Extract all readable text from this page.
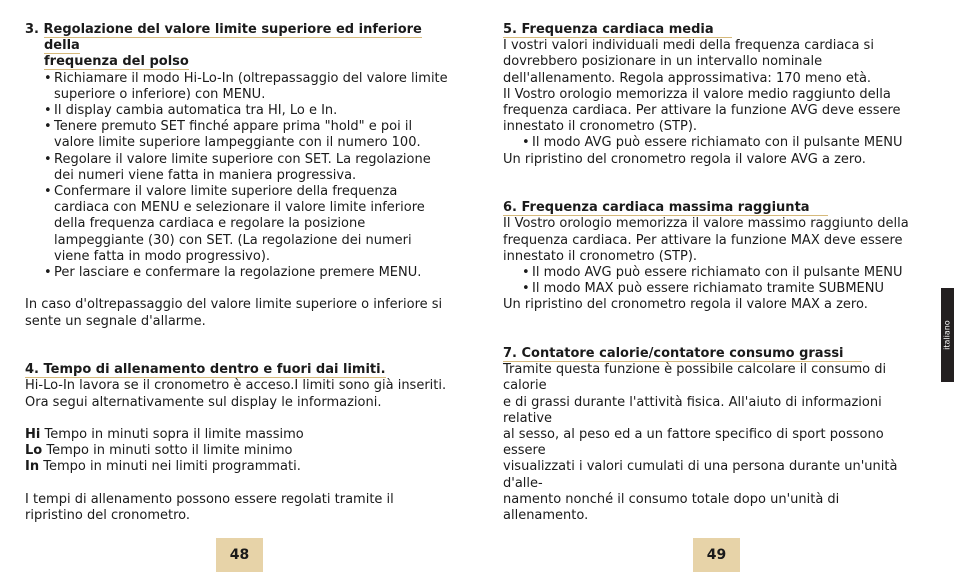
3. Regolazione del valore limite superiore ed inferiore della
frequenza del polso

• Richiamare il modo Hi-Lo-In (oltrepassaggio del valore limite superiore o inferiore) con MENU.
• Il display cambia automatica tra HI, Lo e In.
• Tenere premuto SET finché appare prima "hold" e poi il valore limite superiore lampeggiante con il numero 100.
• Regolare il valore limite superiore con SET. La regolazione dei numeri viene fatta in maniera progressiva.
• Confermare il valore limite superiore della frequenza cardiaca con MENU e selezionare il valore limite inferiore della frequenza cardiaca e regolare la posizione lampeggiante (30) con SET. (La regolazione dei numeri viene fatta in modo progressivo).
• Per lasciare e confermare la regolazione premere MENU.

In caso d'oltrepassaggio del valore limite superiore o inferiore si sente un segnale d'allarme.

4. Tempo di allenamento dentro e fuori dai limiti.

Hi-Lo-In lavora se il cronometro è acceso.I limiti sono già inseriti. Ora segui alternativamente sul display le informazioni.

Hi Tempo in minuti sopra il limite massimo

Lo Tempo in minuti sotto il limite minimo

In Tempo in minuti nei limiti programmati.

I tempi di allenamento possono essere regolati tramite il ripristino del cronometro.

48

5. Frequenza cardiaca media

I vostri valori individuali medi della frequenza cardiaca si dovrebbero posizionare in un intervallo nominale dell'allenamento. Regola approssimativa: 170 meno età.

Il Vostro orologio memorizza il valore medio raggiunto della frequenza cardiaca. Per attivare la funzione AVG deve essere innestato il cronometro (STP).

• Il modo AVG può essere richiamato con il pulsante MENU

Un ripristino del cronometro regola il valore AVG a zero.

6. Frequenza cardiaca massima raggiunta

Il Vostro orologio memorizza il valore massimo raggiunto della frequenza cardiaca. Per attivare la funzione MAX deve essere innestato il cronometro (STP).

• Il modo AVG può essere richiamato con il pulsante MENU
• Il modo MAX può essere richiamato tramite SUBMENU

Un ripristino del cronometro regola il valore MAX a zero.

7. Contatore calorie/contatore consumo grassi

Tramite questa funzione è possibile calcolare il consumo di calorie

e di grassi durante l'attività fisica. All'aiuto di informazioni relative

al sesso, al peso ed a un fattore specifico di sport possono essere

visualizzati i valori cumulati di una persona durante un'unità d'alle-

namento nonché il consumo totale dopo un'unità di allenamento.

49
italiano
